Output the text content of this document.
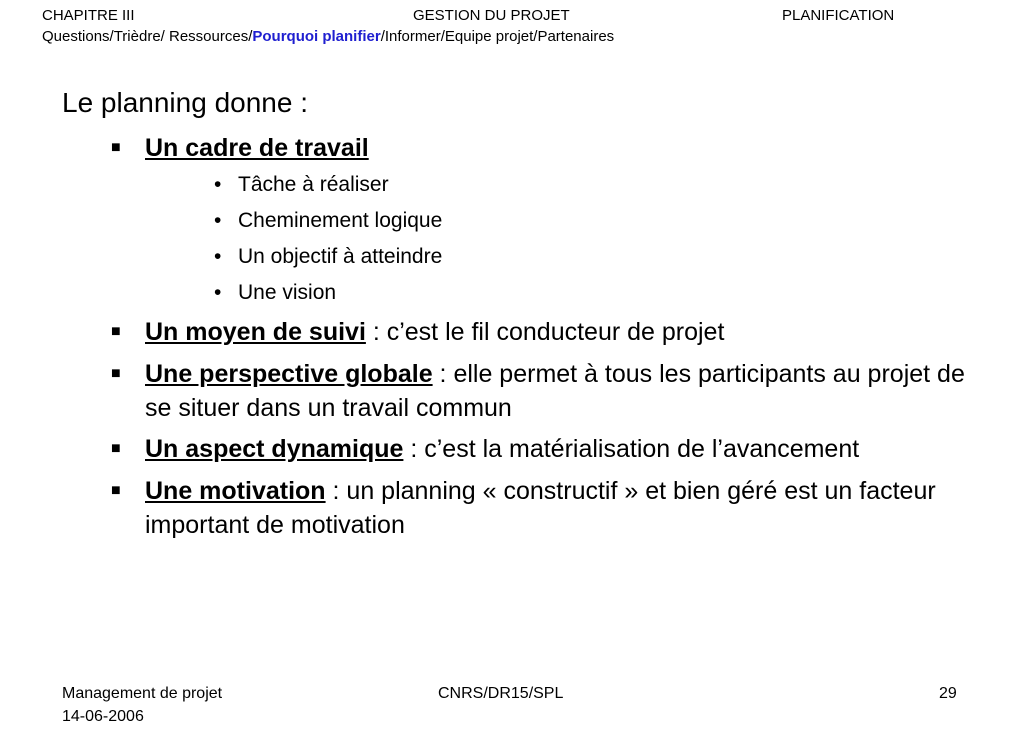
CHAPITRE III	GESTION DU PROJET	PLANIFICATION
Questions/Trièdre/ Ressources/Pourquoi planifier/Informer/Equipe projet/Partenaires
Le planning donne :
■ Un cadre de travail
• Tâche à réaliser
• Cheminement logique
• Un objectif à atteindre
• Une vision
■ Un moyen de suivi : c’est le fil conducteur de projet
■ Une perspective globale : elle permet à tous les participants au projet de se situer dans un travail commun
■ Un aspect dynamique : c’est la matérialisation de l’avancement
■ Une motivation : un planning « constructif » et bien géré est un facteur important de motivation
Management de projet
14-06-2006
CNRS/DR15/SPL	29
